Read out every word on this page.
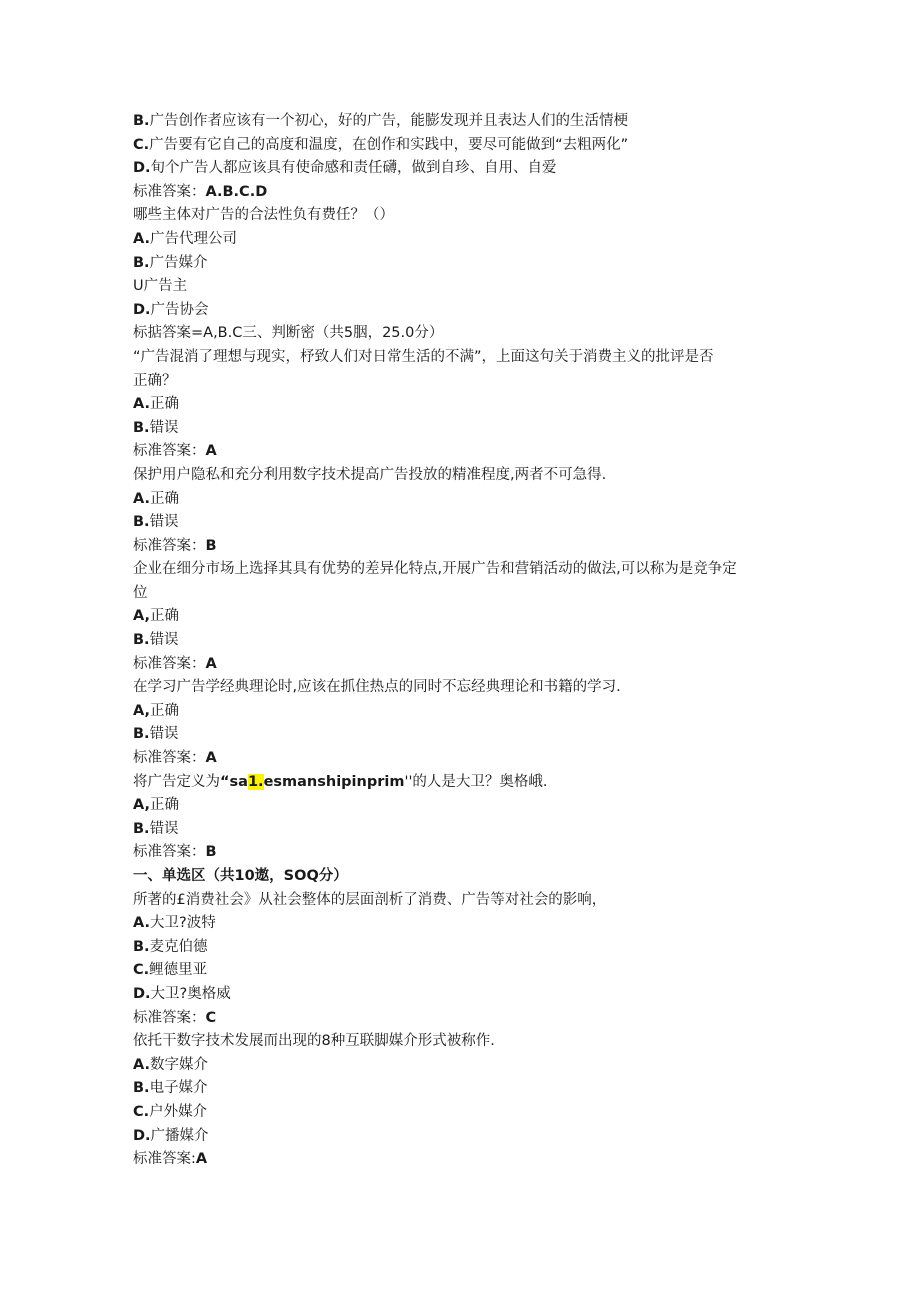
B.广告创作者应该有一个初心，好的广告，能膨发现并且表达人们的生活情梗
C.广告要有它自己的高度和温度，在创作和实践中，要尽可能做到“去粗两化”
D.旬个广告人都应该具有使命感和责任礴，做到自珍、自用、自爱
标准答案：A.B.C.D
哪些主体对广告的合法性负有费任？（）
A.广告代理公司
B.广告媒介
U广告主
D.广告协会
标掂答案=A,B.C三、判断密（共5胭，25.0分）
“广告混消了理想与现实，杼致人们对日常生活的不满”，上面这句关于消费主义的批评是否
正确？
A.正确
B.错误
标准答案：A
保护用户隐私和充分利用数字技术提高广告投放的精准程度,两者不可急得.
A.正确
B.错误
标准答案：B
企业在细分市场上选择其具有优势的差异化特点,开展广告和营销活动的做法,可以称为是竞争定
位
A,正确
B.错误
标准答案：A
在学习广告学经典理论时,应该在抓住热点的同时不忘经典理论和书籍的学习.
A,正确
B.错误
标准答案：A
将广告定义为“sa1.esmanshipinprim''的人是大卫？奥格峨.
A,正确
B.错误
标准答案：B
一、单选区（共10遨，SOQ分）
所著的£消费社会》从社会整体的层面剖析了消费、广告等对社会的影响，
A.大卫?波特
B.麦克伯德
C.鲤德里亚
D.大卫?奥格威
标准答案：C
依托干数字技术发展而出现的8种互联脚媒介形式被称作.
A.数字媒介
B.电子媒介
C.户外媒介
D.广播媒介
标准答案:A
